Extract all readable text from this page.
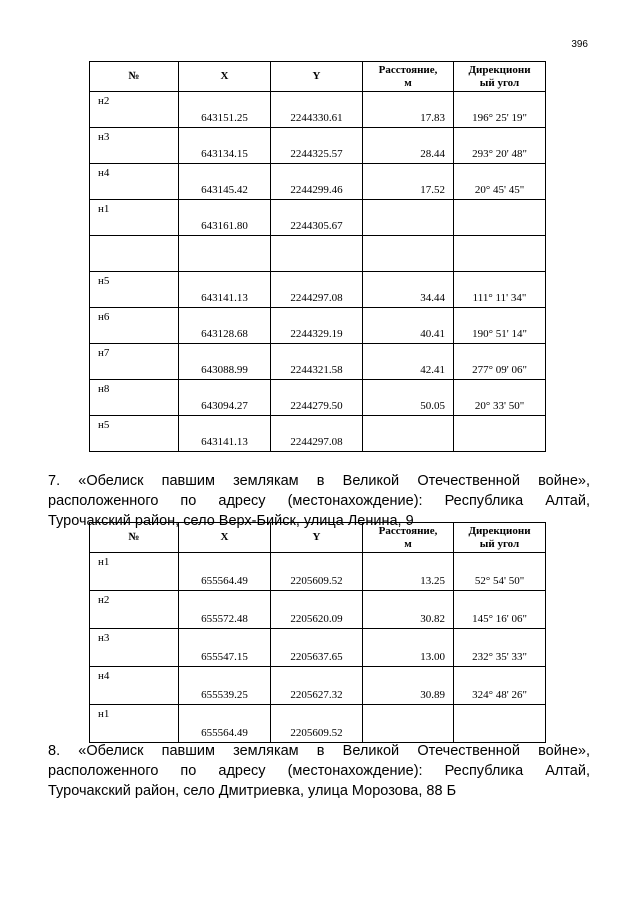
396
№	X	Y	Расстояние,
м	Дирекциони
ый угол
н2	643151.25	2244330.61	17.83	196° 25' 19"
н3	643134.15	2244325.57	28.44	293° 20' 48"
н4	643145.42	2244299.46	17.52	20° 45' 45"
н1	643161.80	2244305.67		

н5	643141.13	2244297.08	34.44	111° 11' 34"
н6	643128.68	2244329.19	40.41	190° 51' 14"
н7	643088.99	2244321.58	42.41	277° 09' 06"
н8	643094.27	2244279.50	50.05	20° 33' 50"
н5	643141.13	2244297.08		
7. «Обелиск павшим землякам в Великой Отечественной войне»,
расположенного по адресу (местонахождение): Республика Алтай,
Турочакский район, село Верх-Бийск, улица Ленина, 9
№	X	Y	Расстояние,
м	Дирекциони
ый угол
н1	655564.49	2205609.52	13.25	52° 54' 50"
н2	655572.48	2205620.09	30.82	145° 16' 06"
н3	655547.15	2205637.65	13.00	232° 35' 33"
н4	655539.25	2205627.32	30.89	324° 48' 26"
н1	655564.49	2205609.52		
8. «Обелиск павшим землякам в Великой Отечественной войне»,
расположенного по адресу (местонахождение): Республика Алтай,
Турочакский район, село Дмитриевка, улица Морозова, 88 Б
